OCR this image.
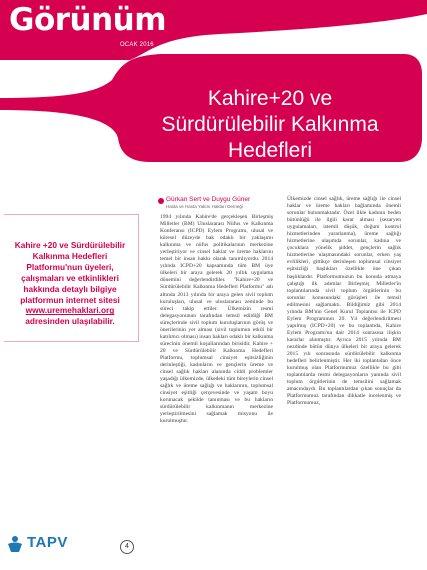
Görünüm
OCAK 2016
Kahire+20 ve
Sürdürülebilir Kalkınma Hedefleri
Platformu
Gürkan Sert ve Duygu Güner
Hasta ve Hasta Yakını Hakları Derneği
Kahire +20 ve Sürdürülebilir Kalkınma Hedefleri Platformu'nun üyeleri, çalışmaları ve etkinlikleri hakkında detaylı bilgiye platformun internet sitesi www.uremehaklari.org adresinden ulaşılabilir.
1994 yılında Kahire'de gerçekleşen Birleşmiş Milletler (BM) Uluslararası Nüfus ve Kalkınma Konferansı (ICPD) Eylem Programı, ulusal ve küresel düzeyde bak odaklı bir yaklaşımı kalkınma ve nüfus politikalarının merkezine yerleştiriyor ve cinsel haklar ve üreme haklarını temel bir insan hakkı olarak tanımlıyordu. 2014 yılında ICPD+20 kapsamında tüm BM üye ülkeleri bir araya gelerek 20 yıllık uygulama dönemini değerlendirdiler. "Kahire+20 ve Sürdürülebilir Kalkınma Hedefleri Platformu" adı altında 2013 yılında bir araya gelen sivil toplum kuruluşları, ulusal ve uluslararası zeminde bu süreci takip ettiler. Ülkemizin resmi delegasyonunun tarafından temsil edildiği BM süreçlerinde sivil toplum kuruluşlarının görüş ve önerilerinin yer alması (sivil toplumun etkili bir katılımcı olması) insan hakları odaklı bir kalkınma sürecinin önemli koşullarından birisidir. Kahire + 20 ve Sürdürülebilir Kalkınma Hedefleri Platformu, toplumsal cinsiyet eşitsizliğinin derinleştiği, kadınların ve gençlerin üreme ve cinsel sağlık hakları alanında ciddi problemler yaşadığı ülkemizde, ülkedeki tüm bireylerin cinsel sağlık ve üreme sağlığı ve haklarının, toplumsal cinsiyet eşitliği çerçevesinde ve yaşam boyu korunacak şekilde tanınması ve bu hakların sürdürülebilir kalkınmanın merkezine yerleştirilmesini sağlamak misyonu ile kurulmuştur.
Ülkemizde cinsel sağlık, üreme sağlığı ile cinsel haklar ve üreme hakları bağlamında önemli sorunlar bulunmaktadır. Özel likle kadının beden bütünlüğü ile ilgili karar alması (sezaryen uygulamaları, istemli düşük, doğum kontrol hizmetlerinden yararlanma), üreme sağlığı hizmetlerine ulaşımda sorunlar, kadına ve çocuklara yönelik şiddet, gençlerin sağlık hizmetlerine ulaşmasındaki sorunlar, erken yaş evlilikleri, gittikçe derinleşen toplumsal cinsiyet eşitsizliği başlıkları özellikle öne çıkan başlıklardır. Platformumuzun bu konuda atmaya çalıştığı ilk adımlar Birleşmiş Milletler'in toplantılarında sivil toplum örgütlerinin bu sorunlar konusundaki görüşleri ile temsil edilmesini sağlamaktı. Bildiğimiz gibi 2014 yılında BM'nin Genel Kurul Toplantısı ile ICPD Eylem Programının 20. Yıl değerlendirilmesi yapılmış (ICPD+20) ve bu toplantıda, Kahire Eylem Programı'na dair 2014 sonrasına ilişkin kararlar alınmıştır. Ayrıca 2015 yılında BM nezdinde bütün dünya ülkeleri bir araya gelerek 2015 yılı sonrasında sürdürülebilir kalkınma hedefleri belirlenmiştir. Her iki toplantıdan önce kurulmuş olan Platformumuz özellikle bu gibi toplantılarda resmi delegasyonların yanında sivil toplum örgütlerinin de temsilini sağlamak amacındaydı. Bu toplantılardan çıkan sonuçlar da Platformumuz tarafından dikkatle incelenmiş ve Platformumuz,
TAPV	4
